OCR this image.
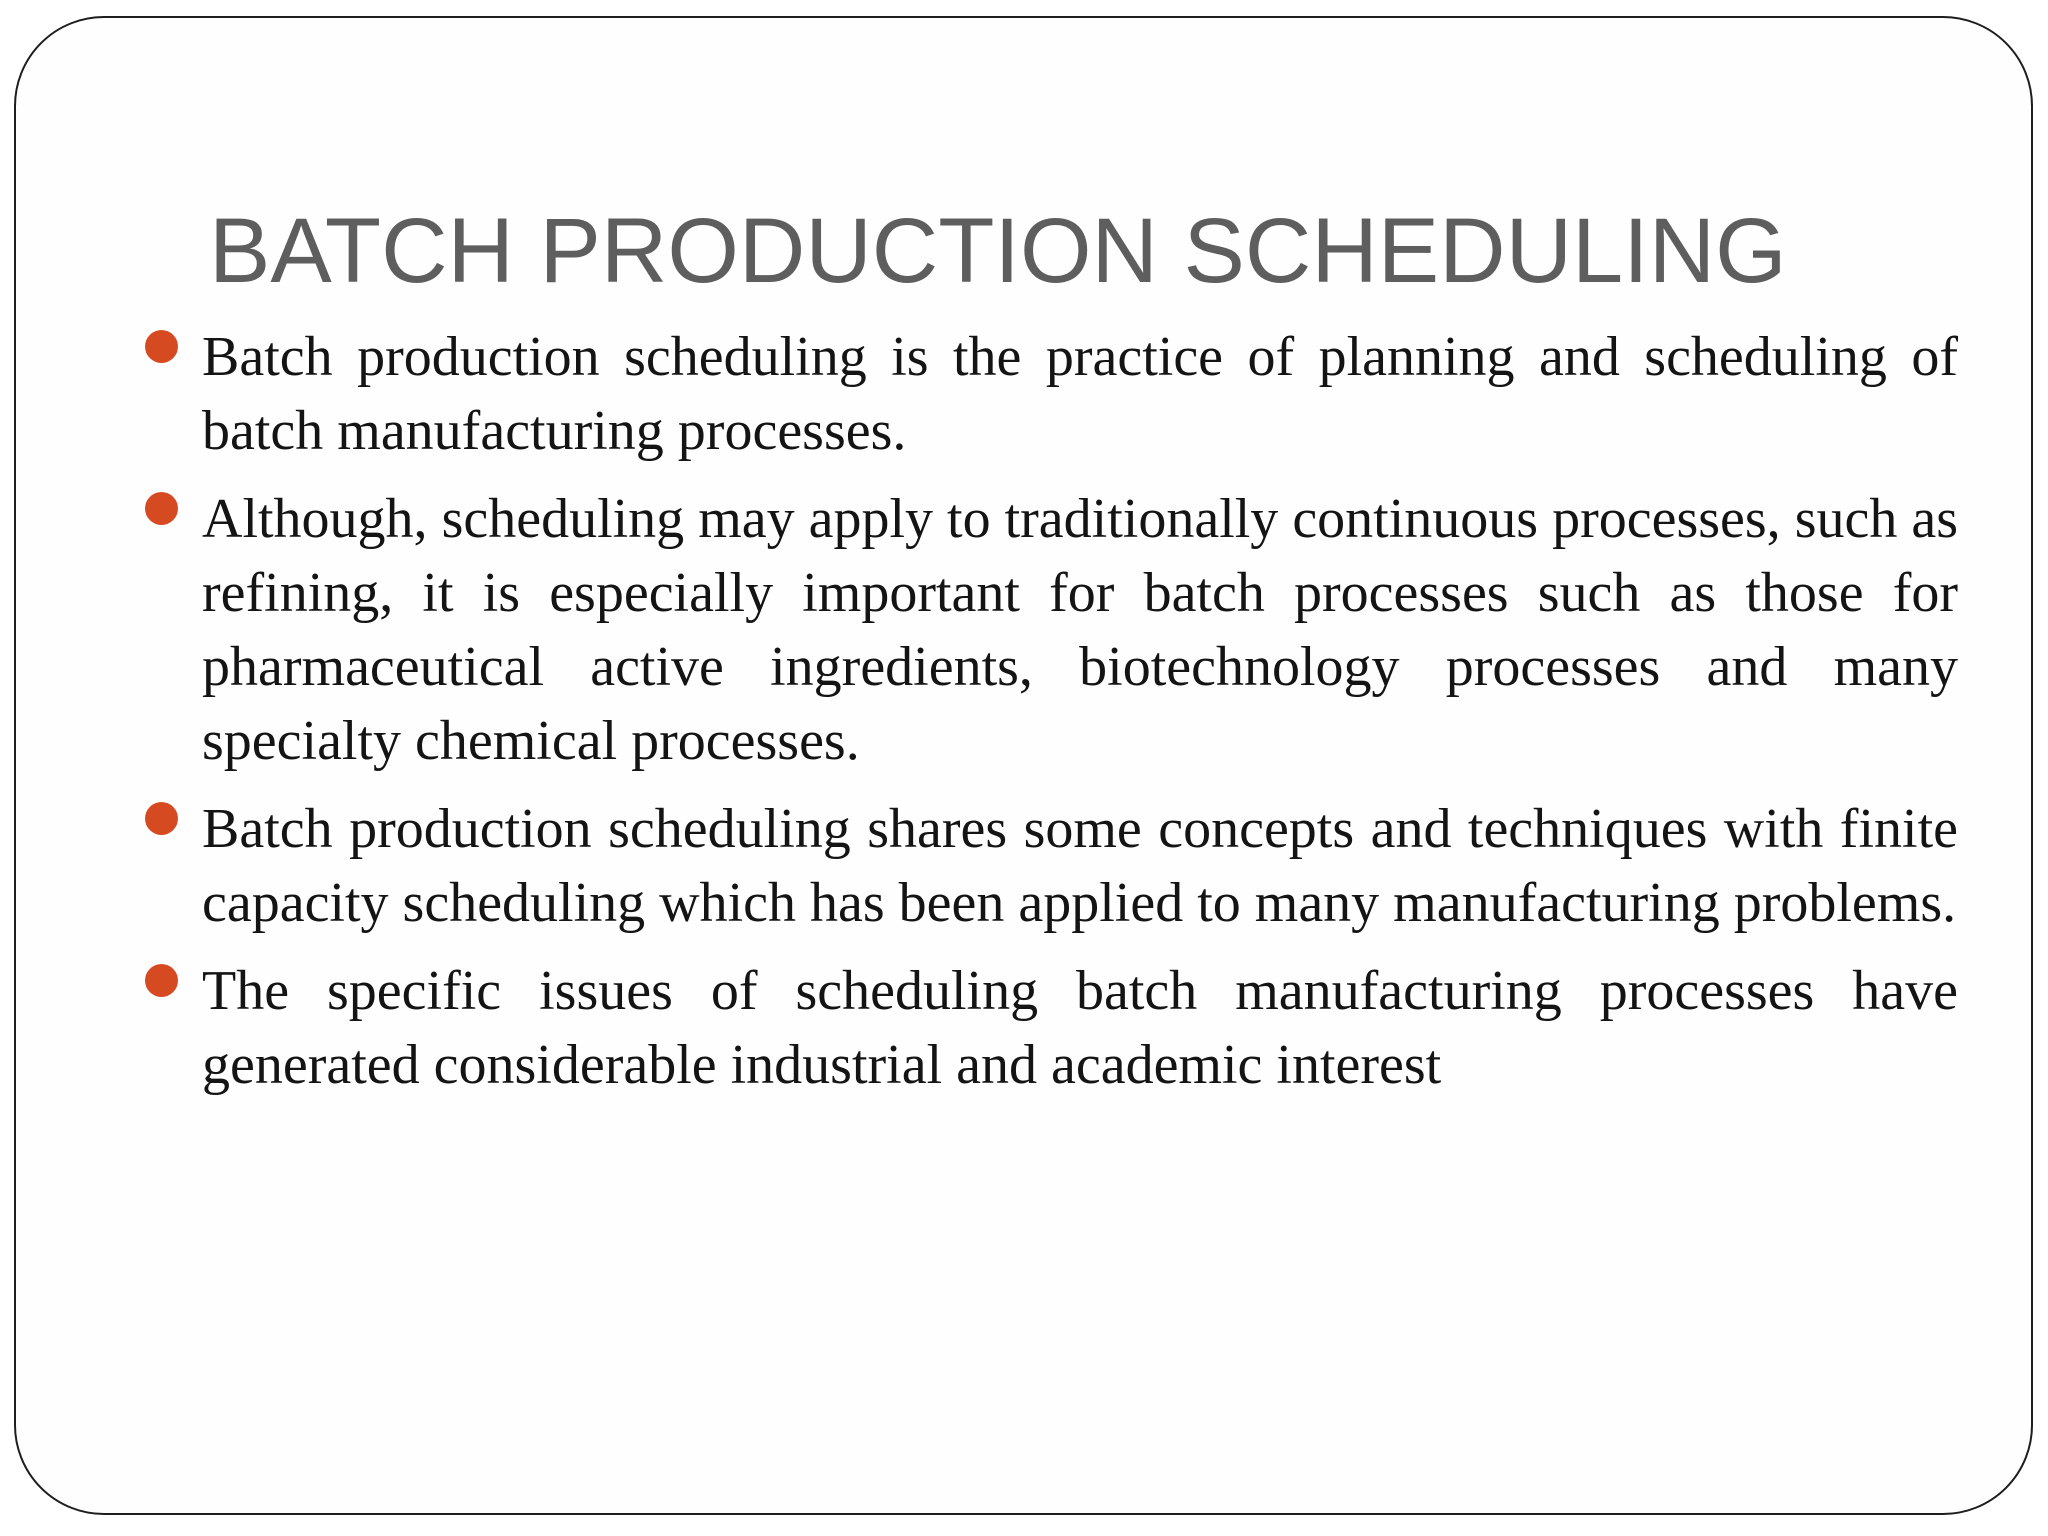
BATCH PRODUCTION SCHEDULING
Batch production scheduling is the practice of planning and scheduling of batch manufacturing processes.
Although, scheduling may apply to traditionally continuous processes, such as refining, it is especially important for batch processes such as those for pharmaceutical active ingredients, biotechnology processes and many specialty chemical processes.
Batch production scheduling shares some concepts and techniques with finite capacity scheduling which has been applied to many manufacturing problems.
The specific issues of scheduling batch manufacturing processes have generated considerable industrial and academic interest
